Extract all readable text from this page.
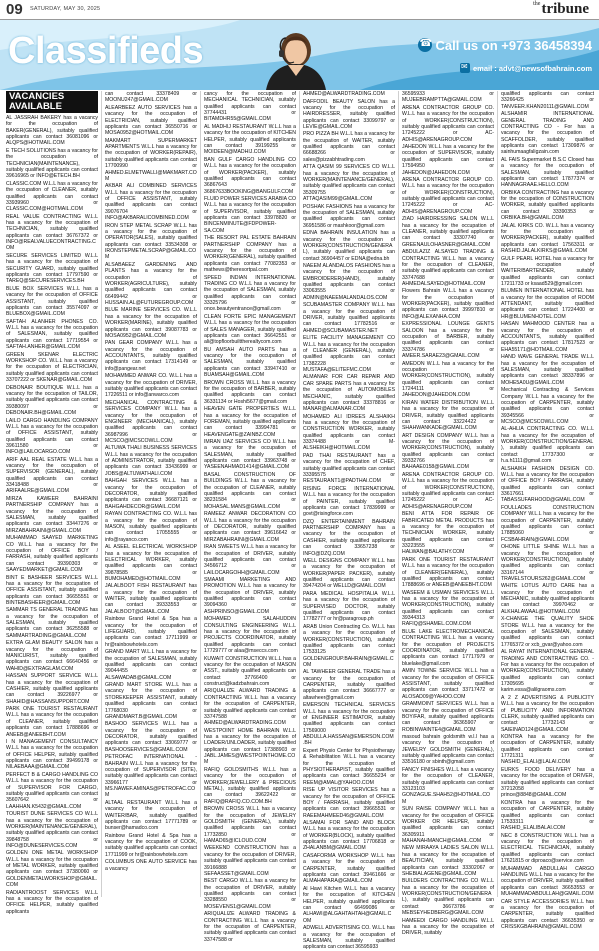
09 SATURDAY, MAY 30, 2025
$^{the}$tribune
Classifieds
☎	Call us on +973 36458394
✉
email : advt@newsofbahrain.com
VACANCIES AVAILABLE

AL JASSRAH BAKERY has a vacancy for the occupation of BAKER(GENERAL), suitably qualified applicants can contact 36081096 or ALQPS@HOTMAIL.COM

E TECH SOLUTIONS has a vacancy for the occupation of TECHNICIAN(MAINTENANCE), suitably qualified applicants can contact 39616965 or INFO@ETECH.BH

CLASSIC.COM W.L.L has a vacancy for the occupation of CLEANER, suitably qualified applicants can contact 33939960 or CLASSIC.COM@HOTMAIL.COM

REAL VALUE CONTRACTING W.L.L has a vacancy for the occupation of TECHNICIAN, suitably qualified applicants can contact 36767372 or INFO@REALVALUECONTRACTING.COM

SECURE SERVICES LIMITED W.L.L has a vacancy for the occupation of SECURITY GUARD, suitably qualified applicants can contact 17797590 or TAREQ@SECURESERVICES.BH

BLUE BOX SERVICES W.L.L has a vacancy for the occupation of OFFICE ASSISTANT, suitably qualified applicants can contact 35574097 or BLUEBOX@GMAIL.COM

SAFTAH ALANHER PHONES CO. W.L.L has a vacancy for the occupation of SALESMAN, suitably qualified applicants can contact 17719554 or SAFTAH.ANHER@GMAIL.COM

GREEN SKENAR ELECTRIC WORKSHOP CO. W.L.L has a vacancy for the occupation of ELECTRICIAN, suitably qualified applicants can contact 33707222 or SKENAR@GMAIL.COM

DEBONAIR BOUTIQUE W.L.L has a vacancy for the occupation of TAILOR, suitably qualified applicants can contact 39380097 or DEBONAIR.BH@GMAIL.COM

LAILO CARGO HANDLING COMPANY W.L.L has a vacancy for the occupation of OFFICE ASSISTANT, suitably qualified applicants can contact 39611580 or INFO@LAILOCARGO.COM

ARIF AAL REAL ESTATE W.L.L has a vacancy for the occupation of SUPERVISOR (GENERAL), suitably qualified applicants can contact 33418488 or ARIFAALRE@GMAIL.COM

MIRZA KAWEER BAHRAINI PARTNERSHIP COMPANY has a vacancy for the occupation of SALESMAN, suitably qualified applicants can contact 33447276 or MIRZABAHRAINI@GMAIL.COM

MUHAMMAD SAAYED MARKETING CO W.L.L has a vacancy for the occupation of OFFICE BOY / FARRASH, suitably qualified applicants can contact 39390303 or SAAYEDMARKET@GMAIL.COM

BINT E BASHEER SERVICES W.L.L has a vacancy for the occupation of OFFICE ASSISTANT, suitably qualified applicants can contact 36655551 or BINTEBASHEER@GMAIL.COM

SAMMAR TS GENERAL TRADING has a vacancy for the occupation of SALESMAN, suitably qualified applicants can contact 36255588 or SAMMARTRADING@GMAIL.COM

EXTRA GLAM BEAUTY SALON has a vacancy for the occupation of MANICURIST, suitably qualified applicants can contact 66640456 or WAHID@EXTRAGLAM.COM

HASSAN SUPPORT SERVICE W.L.L has a vacancy for the occupation of CASHIER, suitably qualified applicants can contact 39226977 or SHAHID@HASSANSUPPORT.COM

PARK ONE TOURIST RESTAURANT W.L.L has a vacancy for the occupation of CLEANER, suitably qualified applicants can contact 17888696 or ANEEB@ANEEBHT.COM

I N MANAGEMENT CONSULTANCY W.L.L has a vacancy for the occupation of OFFICE HELPER, suitably qualified applicants can contact 39499178 or NILAEBAAA@GMAIL.COM

PERFECT B & CARGO HANDLING CO W.L.L has a vacancy for the occupation of SUPERVISOR FOR CARGO, suitably qualified applicants can contact 35607642 or LAAHHAN.K5432@GMAIL.COM

TOURIST DUNE SERVICES CO W.L.L has a vacancy for the occupation of WORKER(MAINTENANCE/GENERAL), suitably qualified applicants can contact 39848758 or INFO@DUNESERVICES.COM

GOLDEN ONE METAL WORKSHOP W.L.L has a vacancy for the occupation of METAL WORKER, suitably qualified applicants can contact 37380060 or GOLDENMETALWORKSHOP@GMAIL.COM

RADIANTROOST SERVICES W.L.L has a vacancy for the occupation of OFFICE HELPER, suitably qualified applicants

can contact 33378409 or MOONU247@GMAIL.COM

ALEARBEEZ AUTO SERVICES has a vacancy for the occupation of ELECTRICIAN, suitably qualified applicants can contact 36550716 or MOSA0952@HOTMAIL.COM

MAKMART SUPERMARKET APARTMENTS W.L.L has a vacancy for the occupation of WORKER(REPAIR), suitably qualified applicants can contact 17700990 or AHMED.ELMETWALLI@MAKMART.COM

AKBAR ALI COMBINED SERVICES W.L.L has a vacancy for the occupation of OFFICE ASSISTANT, suitably qualified applicants can contact 39076704 or INFO@AKBARALICOMBINED.COM

IRON STEP METAL SCRAP W.L.L has a vacancy for the occupation of OPERATOR(SALES), suitably qualified applicants can contact 33534308 or IRONSTEPMETALSCRAP@GMAIL.COM

ALSABAEEZ GARDENING AND PLANTS has a vacancy for the occupation of WORKER(AGRICULTURE), suitably qualified applicants can contact 66499442 or HUSSAIN.AL@FUTUREGROUP.COM

BLUE MARINE SERVICES CO. W.L.L has a vacancy for the occupation of WORKER(MARINE), suitably qualified applicants can contact 39087783 or MOSA0952@GMAIL.COM

PAN GEAR COMPANY W.L.L has a vacancy for the occupation of ACCOUNTANTS, suitably qualified applicants can contact 17314149 or info@pangear.net

MOHAMMED ANWAR CO. W.L.L has a vacancy for the occupation of DRIVER, suitably qualified applicants can contact 17226511 or info@anwarco.com

MECHANICAL CONTRACTING & SERVICES COMPANY W.L.L has a vacancy for the occupation of ENGINEER (MECHANICAL), suitably qualified applicants can contact 36987996 or MCSCO@MCSCOWLL.COM

ALTUWA THALI BUSINESS SERVICES W.L.L has a vacancy for the occupation of ADMINISTRATOR, suitably qualified applicants can contact 33436999 or JOBS@ALTUWATHALI.COM

BAHGAH SERVICES W.L.L has a vacancy for the occupation of DECORATOR, suitably qualified applicants can contact 36687121 or BAHGAHDECOR@GMAIL.COM

RAYAN CONTRACTING CO. W.L.L has a vacancy for the occupation of MASON, suitably qualified applicants can contact 17055555 or info@rayanco.com

AL ASEEL ELECTRICAL WORKSHOP has a vacancy for the occupation of ELECTRICAL WORKER, suitably qualified applicants can contact 39878585 or BUMOHAMED@HOTMAIL.COM

JALALBOOT FISH RESTAURANT has a vacancy for the occupation of WAITER, suitably qualified applicants can contact 39333553 or JALALBOOT@GMAIL.COM

Rainbow Grand Hotel & Spa has a vacancy for the occupation of LIFEGUARD, suitably qualified applicants can contact 17711999 or hr@rainbowhotels.com

GRAND MART W.L.L has a vacancy for the occupation of SALESMAN, suitably qualified applicants can contact 39044455 or ALSAWADAB@GMAIL.COM

GRAND MART STORE W.L.L has a vacancy for the occupation of STOREKEEPER ASSISTANT, suitably qualified applicants can contact 17768030 or GRANDMART.B@GMAIL.COM

BASHOO SERVICES W.L.L has a vacancy for the occupation of DECORATOR, suitably qualified applicants can contact 33069777 or BASHOOSERVICES@GMAIL.COM

PETROFAC INTERNATIONAL - BAHRAIN W.L.L has a vacancy for the occupation of SUPERVISOR (SITE), suitably qualified applicants can contact 33966177 or MS.NAWEF.AMINAS@PETROFAC.COM

ALTAAL RESTAURANT W.L.L has a vacancy for the occupation of WAITER/BAR, suitably qualified applicants can contact 17771789 or bunser@hamadco.com

Rainbow Grand Hotel & Spa has a vacancy for the occupation of COOK, suitably qualified applicants can contact 17711999 or hr@rainbowhotels.com

COLUMBUS ONE AUTO SERVICE has a vacancy

cancy for the occupation of MECHANICAL TECHNICIAN, suitably qualified applicants can contact 37744431 or BITAMDHR55@GMAIL.COM

AL MADHIJ RESTAURANT W.L.L has a vacancy for the occupation of KITCHEN HELPER, suitably qualified applicants can contact 39199255 or MOIDEEN@MADHIJ.COM

BAN GULF CARGO HANDLING CO W.L.L has a vacancy for the occupation of WORKER(PACKER), suitably qualified applicants can contact 36867643 or 36867633BOOKING@BANGULF.COM

FLUID POWER SERVICES ARABIA CO W.L.L has a vacancy for the occupation of SUPERVISOR, suitably qualified applicants can contact 33978820 or BINCENMINUTE@FDPOWER-SA.COM

THE RESORT PAL ESTATE BAHRAIN PARTNERSHIP COMPANY has a vacancy for the occupation of WORKER(GENERAL), suitably qualified applicants can contact 77082353 or mathews@theresortpal.com

SPEED INDIAN INTERNATIONAL TRADING CO W.L.L has a vacancy for the occupation of SALESMAN, suitably qualified applicants can contact 33325796 or once.beautyentrance@gmail.com

CLEAN FORTE EPIC MANAGEMENT W.L.L has a vacancy for the occupation of SALES MANAGER, suitably qualified applicants can contact 36642551 or ali@topfloorbuilttherealtycom.com

BU AMSAH AUTO PARTS has a vacancy for the occupation of SALESMAN, suitably qualified applicants can contact 33947410 or BUAMSAH@GMAIL.COM

BROWN CROSS W.L.L has a vacancy for the occupation of BARBER, suitably qualified applicants can contact 36331134 or Hoshi5677@gmail.com

HEAVEN GATE PROPERTIES W.L.L has a vacancy for the occupation of FOREMAN, suitably qualified applicants can contact 33994781 or HEAVENGATE@ZAINBZ.COM

IMRAN IJAZ SERVICES CO W.L.L has a vacancy for the occupation of SALESMAN, suitably qualified applicants can contact 33963748 or YASEENAHMAD1414@GMAIL.COM

BASAL CONSTRUCTION OF BUILDINGS W.L.L has a vacancy for the occupation of CLEANER, suitably qualified applicants can contact 38231584 or MOHASAL.MANS@GMAIL.COM

RAMEEZ ANWAR DECORATION CO W.L.L has a vacancy for the occupation of DECORATOR, suitably qualified applicants can contact 39616642 or MIRZABAHRAINI@GMAIL.COM

IRAN SWEETS W.L.L has a vacancy for the occupation of DRIVER, suitably qualified applicants can contact 34566712 or LAILOCARGOHH@GMAIL.COM

SMAAMI MARKETING AND PROMOTION W.L.L has a vacancy for the occupation of DRIVER, suitably qualified applicants can contact 39094360 or ASHPRINSO@GMAIL.COM

MOHAMED SALAHUDDIN CONSULTING ENGINEERING W.L.L has a vacancy for the occupation of PROJECTS COORDINATOR, suitably qualified applicants can contact 17729777 or alaa@mseccs.com

KUWAIT CONSTRUCTION W.L.L has a vacancy for the occupation of MASON ASST., suitably qualified applicants can contact 37766400 or construct@kadzbahrain.com

ARIQUALIZE ALWARD TRADING & CONTRACTING W.L.L has a vacancy for the occupation of CARPENTER, suitably qualified applicants can contact 33747588 or AHMED@ALWARDTRADING.COM

WESTPOINT HOME BAHRAIN W.L.L has a vacancy for the occupation of LOADER/UNLOADER, suitably qualified applicants can contact 17388903 or JABL.JAMES@WESTPOINTHOME.COM

RAFIQ GOLDSMITHS W.L.L has a vacancy for the occupation of WORKER(JEWELLERY & PRECIOUS METAL), suitably qualified applicants can contact 39622422 or RAFIQ@RAFIQ.CO.COM.BH

BROWN CROSS W.L.L has a vacancy for the occupation of JEWELRY GOLDSMITH (GENERAL), suitably qualified applicants can contact 17732850 or HAMAD65@ICLOUD.COM

WEEKEND CONSTRUCTION has a vacancy for the occupation of DRIVER, suitably qualified applicants can contact 39166888 or SEFAASSET@GMAIL.COM

BEST CARGO W.L.L has a vacancy for the occupation of DRIVER, suitably qualified applicants can contact 33288550 or MOSEVENS1@GMAIL.COM

ARIQUALIZE ALWARD TRADING & CONTRACTING W.L.L has a vacancy for the occupation of CARPENTER, suitably qualified applicants can contact 33747588 or

AHMED@ALWARDTRADING.COM

DAFFODIL BEAUTY SALON has a vacancy for the occupation of HAIRDRESSER, suitably qualified applicants can contact 33099797 or LEVIE@GMAIL.COM

PRO PIZZA BH W.L.L has a vacancy for the occupation of WAITER, suitably qualified applicants can contact 66688266 or sales@pizzabhtrading.com

ATTA QASIM 99 SERVICES CO W.L.L has a vacancy for the occupation of WORKER(MAINTENANCE/GENERAL), suitably qualified applicants can contact 35309755 or ATTAQASIM99@GMAIL.COM

POSHAK FASHIONS has a vacancy for the occupation of SALESMAN, suitably qualified applicants can contact 36951586 or mashkoor@gmail.com

EDNA BAHRAIN INSULATION has a vacancy for the occupation of WORKER(CONSTRUCTION/GENERAL), suitably qualified applicants can contact 36904457 or EDNA@edna.bh

NAEEM ALANDALOS FASHIONS has a vacancy for the occupation of EMBROIDERER(HAND), suitably qualified applicants can contact 33063555 or ADMIN@NAEEMALANDALOS.COM

SCUBAMASTER COMPANY W.L.L has a vacancy for the occupation of DRIVER, suitably qualified applicants can contact 17782516 or AHMED@SCUBAMASTER.NET

ELITE FACILITY MANAGEMENT CO W.L.L has a vacancy for the occupation of CLEANER (GENERAL), suitably qualified applicants can contact 17382228 or MUSTAFA@ELITEFMC.COM

ALMANAR FOR CAR REPAIR AND CAR SPARE PARTS has a vacancy for the occupation of AUTOMOBILES MECHANIC, suitably qualified applicants can contact 33378816 or MANAR@ALMANAR.COM

MOHAMED ALI IDREES ALSHAIKH has a vacancy for the occupation of CONSTRUCTION WORKER, suitably qualified applicants can contact 33374488 or M-ALSHEIKH@HOTMAIL.COM

PAD THAI RESTAURANT has a vacancy for the occupation of CHEF, suitably qualified applicants can contact 33395575 or RESTAURANT1@PADTHAI.COM

RISING FORCE INTERNATIONAL W.L.L has a vacancy for the occupation of PAINTER, suitably qualified applicants can contact 17839999 or govt@risingforce.com

DZQ ENTERTAINMENT BAHRAIN PARTNERSHIP COMPANY has a vacancy for the occupation of CASHIER, suitably qualified applicants can contact 33657238 or INFO@DZQ.COM

WELL DESIGNS COMPANY W.L.L has a vacancy for the occupation of WORKER(PAPER PACKER), suitably qualified applicants can contact 39474204 or WELLD@GMAIL.COM

PARA MEDICAL HOSPITALIA W.L.L has a vacancy for the occupation of SUPERVISED DOCTOR, suitably qualified applicants can contact 17782777 or hr@paragroup.ph

ARAB Union Contracting Co. W.L.L has a vacancy for the occupation of WORKER(CONSTRUCTION), suitably qualified applicants can contact 17533125 or GOLDENGROUP.BAHRAIN@GMAIL.COM

AL TAWHEER GENERAL TRADE has a vacancy for the occupation of CARPENTER, suitably qualified applicants can contact 36667777 or altawheer@gmail.com

EMERSON TECHNICAL SERVICES W.L.L has a vacancy for the occupation of ENGINEER ESTIMATOR, suitably qualified applicants can contact 17569000 or ABDULLA.HASSAN@EMERSON.COM.BH

Expert Physio Center for Physiotherapy & Rehabilitation W.L.L has a vacancy for the occupation of PHYSIOTHERAPIST, suitably qualified applicants can contact 36655234 or REEM@AMAL@YAHOO.COM

RISE UP VISITOR SERVICES has a vacancy for the occupation of OFFICE BOY / FARRASH, suitably qualified applicants can contact 39665531 or RAEEMAHMEED46@GMAIL.COM

ALSAMAI FOR SAND AND BLOCK W.L.L has a vacancy for the occupation of WORKER(BLOCK), suitably qualified applicants can contact 17706818 or ZHALANBM@GMAIL.COM

CASAFORMA WORKSHOP W.L.L has a vacancy for the occupation of CARPENTER, suitably qualified applicants can contact 39461666 or ALMAHAPARA@GMAIL.COM

Al Hawi Kitchen W.L.L has a vacancy for the occupation of KITCHEN HELPER, suitably qualified applicants can contact 66499086 or ALHAWI@ALGAHTAHTAH@GMAIL.COM

ADWELL ADVERTISING CO. W.L.L has a vacancy for the occupation of SALESMAN, suitably qualified applicants can contact 36595933

36595933 or MUJEEBRAMPTTA@GMAIL.COM

ARENA CONTRACTOR GROUP CO. W.L.L has a vacancy for the occupation of WORKER(CONSTRUCTION), suitably qualified applicants can contact 17245222 or AC-ADHIS@ARENAGROUP.COM

JAHEDON W.L.L has a vacancy for the occupation of SUPERVISOR, suitably qualified applicants can contact 17594950 or JAHEDON@JAHEDON.COM

ARENA CONTRACTOR GROUP CO. W.L.L has a vacancy for the occupation of WORKER(CONSTRUCTION), suitably qualified applicants can contact 17245222 or AC-ADHIS@ARENAGROUP.COM

ZIAD HAIRDRESSING SALON W.L.L has a vacancy for the occupation of CLEANER, suitably qualified applicants can contact 33307740 or GREENAULOHASNER@GMAIL.COM

ABDULAZIZ ALSAYED TRADING & CONTRACTING W.L.L has a vacancy for the occupation of CLEANER, suitably qualified applicants can contact 33747688 or AHMEDALSAYED@HOTMAIL.COM

Flowers Bahrain W.L.L has a vacancy for the occupation of WORKER(PACKER), suitably qualified applicants can contact 39997810 or INFO@ALEXANHA.COM

EXPRESSIONAL LOUNGE GENTS SALOON has a vacancy for the occupation of BARBER, suitably qualified applicants can contact 33374786 or AMEER.SARAE23@GMAIL.COM

AMEDON W.L.L has a vacancy for the occupation of WORKER(CONSTRUCTION), suitably qualified applicants can contact 17244111 or JAHEDON@JAHEDON.COM

KIRAN WATER DISTRIBUTION W.L.L has a vacancy for the occupation of DRIVER, suitably qualified applicants can contact 33224422 or SHAHWANKADE@GMAIL.COM

ART DESIGN COMPANY W.L.L has a vacancy for the occupation of WORKER(CONSTRUCTION), suitably qualified applicants can contact 39332766 or BAHAAE0158@GMAIL.COM

ARENA CONTRACTOR GROUP CO. W.L.L has a vacancy for the occupation of WORKER(CONSTRUCTION), suitably qualified applicants can contact 17245222 or AC-ADHIS@ARENAGROUP.COM

BENI ATTA FOR REPAIR OF FABRICATED METAL PRODUCTS has a vacancy for the occupation of TECHNICIAN WORKER, suitably qualified applicants can contact 33223555 or HALWAN@BALATHY.COM

PARK ONE TOURIST RESTAURANT W.L.L has a vacancy for the occupation of CLEANER(GENERAL), suitably qualified applicants can contact 17888696 or ANEEB@ANEEBHT.COM

WASEEM & USMAN SERVICES W.L.L has a vacancy for the occupation of WORKER(CONSTRUCTION), suitably qualified applicants can contact 39344313 or RAFIQ@SHAMEL.COM.COM

BLUE LAKE ELECTROMECHANICAL CONTRACTING W.L.L has a vacancy for the occupation of PROJECTS COORDINATOR, suitably qualified applicants can contact 17717979 or bluelake@gmail.com

AMIN TOWNE SERVICE W.L.L has a vacancy for the occupation of OFFICE ASSISTANT, suitably qualified applicants can contact 33717472 or ALOSAD09@YAHOO.COM

GRAMMOINT SERVICES W.L.L has a vacancy for the occupation of OFFICE BOY/FAR, suitably qualified applicants can contact 36365907 or ROBINWAINTE4@GMAIL.COM

masoud bahrain goldsmith w.l.l has a vacancy for the occupation of JEWELRY GOLDSMITH (GENERAL), suitably qualified applicants can contact 33516180 or sbinth@gmail.com

FANCY FINISHES W.L.L has a vacancy for the occupation of CLEANER, suitably qualified applicants can contact 33123103 or GONZAGUE.SHAH52@HOTMAIL.COM

SUN RAISE COMPANY W.L.L has a vacancy for the occupation of OFFICE WORKER OR HELPER, suitably qualified applicants can contact 36305911 or MAHANAHMANCH@GMAIL.COM

NEW MIRAAYA LADIES SALON W.L.L has a vacancy for the occupation of BEAUTICIAN, suitably qualified applicants can contact 33302067 or SHEBIALAGENE@GMAIL.COM

BUILDERS CONTRACTING CO W.L.L has a vacancy for the occupation of WORKER(CONSTRUCTION/GENERAL), suitably qualified applicants can contact 36673786 or MEBSEYHEDBERG@GMAIL.COM

HAMEEDI CARGO HANDLING W.L.L has a vacancy for the occupation of DRIVER, suitably

qualified applicants can contact 33266425 or TANVEER.KHAN20111@GMAIL.COM

ALSHAMIR INTERNATIONAL GENERAL TRADING AND CONTRACTING CO - For has a vacancy for the occupation of SCAFFOLDER, suitably qualified applicants can contact 17309876 or sainhumaagfaligzain.com

AL FAIS Supermarket B.S.C Closed has a vacancy for the occupation of SALESMAN, suitably qualified applicants can contact 17877374 or HANNAGRAAE.HELLO.COM

ORBIKA CONTRACTING has a vacancy for the occupation of CONSTRUCTION WORKER, suitably qualified applicants can contact 33390353 or ORBIKA.BH@GMAIL.COM

JALAL KIRKS CO. W.L.L has a vacancy for the occupation of WORKER(PACKER), suitably qualified applicants can contact 17563311 or RASHID.JALALKIRKS@GMAIL.COM

GULF PEARL HOTEL has a vacancy for the occupation of WAITER/BARTENDER, suitably qualified applicants can contact 17211733 or ksaad529@gmail.com

BLUMEN INTERNATIONAL HOTEL has a vacancy for the occupation of ROOM ATTENDANT, suitably qualified applicants can contact 17224400 or HR@BLUMENHOTEL.COM

HASAN MAHMOOD CENTER has a vacancy for the occupation of ACCOUNTANTS, suitably qualified applicants can contact 17817523 or EHA55171@HOTMAIL.COM

HAND WAVE GENERAL TRADE W.L.L has a vacancy for the occupation of SALESMAN, suitably qualified applicants can contact 38337896 or MOHE5A0U@GMAIL.COM

Mechanical Contracting & Services Company W.L.L has a vacancy for the occupation of CARPENTER, suitably qualified applicants can contact 39345566 or MCSCO@MCSCOWLL.COM

AL-AHLIA CONTRACTING CO. W.L.L has a vacancy for the occupation of WORKER(CONSTRUCTION/GENERAL), suitably qualified applicants can contact 17737300 or h.a.h1111@gmail.com

ALSHAIKH FASHION DESIGN CO. W.L.L has a vacancy for the occupation of OFFICE BOY / FARRASH, suitably qualified applicants can contact 33617661 or TABASSUFARHOOD@GMAIL.COM

FOULLADES CONSTRUCTION COMPANY W.L.L has a vacancy for the occupation of CARPENTER, suitably qualified applicants can contact 17885060 or FCSBAHRAIN@GMAIL.COM

OHONE LITTLE SHINE W.L.L has a vacancy for the occupation of WORKER(CONSTRUCTION), suitably qualified applicants can contact 33167144 or TRAVELSTOURS262@GMAIL.COM

WHITE LOTUS AUTO CARE has a vacancy for the occupation of MECHANIC, suitably qualified applicants can contact 39970462 or ALKHALAWAAL@HOTMAIL.COM

X-CHANGE THE QUALITY SHOE STORE W.L.L has a vacancy for the occupation of SALESMAN, suitably qualified applicants can contact 17765372 or xcb_gvar@yahoo.com

AL RAYAT INTERNATIONAL GENERAL TRADING AND CONTRACTING CO. - For has a vacancy for the occupation of WORKER(CONSTRUCTION), suitably qualified applicants can contact 17305695 or karim.essa@alilgraoms.com

A 2 Z ADVERTISING & PUBLICITY W.L.L has a vacancy for the occupation of PUBLICITY AND INFORMATION CLERK, suitably qualified applicants can contact 17732143 or SAIEINAD124@GMAIL.COM

KONTRA has a vacancy for the occupation of CARPENTER, suitably qualified applicants can contact 17721311 or NASHID_ELALI@LALAI.COM

EURKS FOOD DELIVERY has a vacancy for the occupation of DRIVER, suitably qualified applicants can contact 37212058 or prince@8848@GMAIL.COM

KONTRA has a vacancy for the occupation of CARPENTER, suitably qualified applicants can contact 17533311 or RASHID_ELALIBALAI.COM

NEC 8 CONSTRUCTION W.L.L has a vacancy for the occupation of ELECTRICAL TECHNICIAN, suitably qualified applicants can contact 17621815 or diproaco@service.com

MUHAMMAD ABDULLAH CARGO HANDLING W.L.L has a vacancy for the occupation of DRIVER, suitably qualified applicants can contact 36653553 or MUHAMMADABDULLAH@GMAIL.COM

CAR STYLE ACCESSORIES W.L.L has a vacancy for the occupation of CARPENTER, suitably qualified applicants can contact 36635350 or CRISSKGBAHRAIN@GMAIL.COM
